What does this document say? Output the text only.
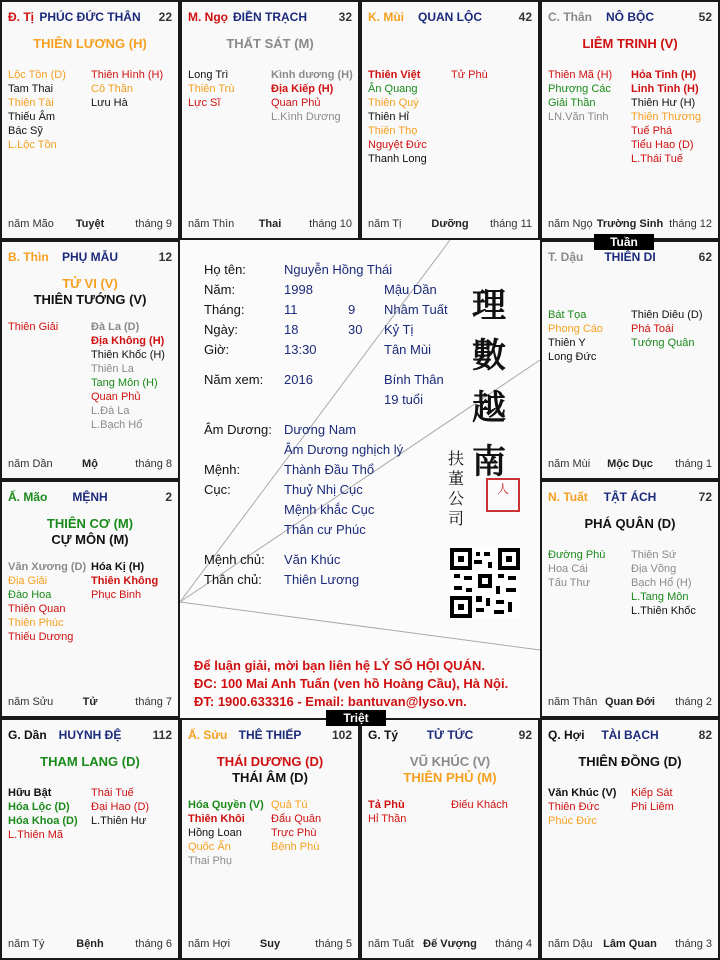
Đ. Tị PHÚC ĐỨC THÂN	22
THIÊN LƯƠNG (H)
Lộc Tồn (D)
Tam Thai
Thiên Tài
Thiếu Âm
Bác Sỹ
L.Lộc Tồn
Thiên Hình (H)
Cô Thần
Lưu Hà
năm Mão	Tuyệt	tháng 9
M. Ngọ ĐIỀN TRẠCH	32
THẤT SÁT (M)
Long Trì
Thiên Trù
Lực Sĩ
Kình dương (H)
Địa Kiếp (H)
Quan Phủ
L.Kình Dương
năm Thìn	Thai	tháng 10
K. Mùi	QUAN LỘC	42
Thiên Việt
Ân Quang
Thiên Quý
Thiên Hỉ
Thiên Thọ
Nguyệt Đức
Thanh Long
Tử Phù
năm Tị	Dưỡng	tháng 11
C. Thân	NÔ BỘC	52
LIÊM TRINH (V)
Thiên Mã (H)
Phượng Các
Giải Thần
LN.Văn Tinh
Hỏa Tinh (H)
Linh Tinh (H)
Thiên Hư (H)
Thiên Thương
Tuế Phá
Tiểu Hao (D)
L.Thái Tuế
năm Ngọ Trường Sinh tháng 12
T. Dậu	THIÊN DI	62
Bát Tọa
Phong Cáo
Thiên Y
Long Đức
Thiên Diêu (D)
Phá Toái
Tướng Quân
năm Mùi	Mộc Dục	tháng 1
N. Tuất	TẬT ÁCH	72
PHÁ QUÂN (D)
Đường Phù
Hoa Cái
Tấu Thư
Thiên Sứ
Địa Võng
Bạch Hổ (H)
L.Tang Môn
L.Thiên Khốc
năm Thân Quan Đới	tháng 2
Q. Hợi	TÀI BẠCH	82
THIÊN ĐỒNG (D)
Văn Khúc (V)
Thiên Đức
Phúc Đức
Kiếp Sát
Phi Liêm
năm Dậu Lâm Quan	tháng 3
G. Tý	TỬ TỨC	92
VŨ KHÚC (V)
THIÊN PHỦ (M)
Tả Phù
Hỉ Thần
Điếu Khách
năm Tuất Đế Vượng	tháng 4
Ấ. Sửu THÊ THIẾP	102
THÁI DƯƠNG (D)
THÁI ÂM (D)
Hóa Quyền (V)
Thiên Khôi
Hồng Loan
Quốc Ấn
Thai Phụ
Quả Tú
Đẩu Quân
Trực Phù
Bệnh Phù
năm Hợi	Suy	tháng 5
G. Dần HUYNH ĐỆ	112
THAM LANG (D)
Hữu Bật
Hóa Lộc (D)
Hóa Khoa (D)
L.Thiên Mã
Thái Tuế
Đại Hao (D)
L.Thiên Hư
năm Tý	Bệnh	tháng 6
Ấ. Mão	MỆNH	2
THIÊN CƠ (M)
CỰ MÔN (M)
Văn Xương (D)
Địa Giải
Đào Hoa
Thiên Quan
Thiên Phúc
Thiếu Dương
Hóa Kị (H)
Thiên Không
Phục Binh
năm Sửu	Tử	tháng 7
B. Thìn	PHỤ MẪU	12
TỬ VI (V)
THIÊN TƯỚNG (V)
Thiên Giải	Đà La (D)
Địa Không (H)
Thiên Khốc (H)
Thiên La
Tang Môn (H)
Quan Phủ
L.Đà La
L.Bạch Hổ
năm Dần	Mộ	tháng 8
Họ tên:	Nguyễn Hồng Thái
Năm:	1998	Mậu Dần
Tháng:	11	9 Nhâm Tuất
Ngày:	18	30 Kỷ Tị
Giờ:	13:30	Tân Mùi
Năm xem: 2016	Bính Thân
19 tuổi
Âm Dương: Dương Nam
Âm Dương nghịch lý
Mệnh:	Thành Đầu Thổ
Cục:	Thuỷ Nhị Cục
Mệnh khắc Cục
Thân cư Phúc
Mệnh chủ: Văn Khúc
Thân chủ: Thiên Lương
理
數
越
南
扶
董
公
司
人
Để luận giải, mời bạn liên hệ LÝ SỐ HỘI QUÁN.
ĐC: 100 Mai Anh Tuấn (ven hồ Hoàng Cầu), Hà Nội.
ĐT: 1900.633316 - Email: bantuvan@lyso.vn.
Tuần
Triệt
